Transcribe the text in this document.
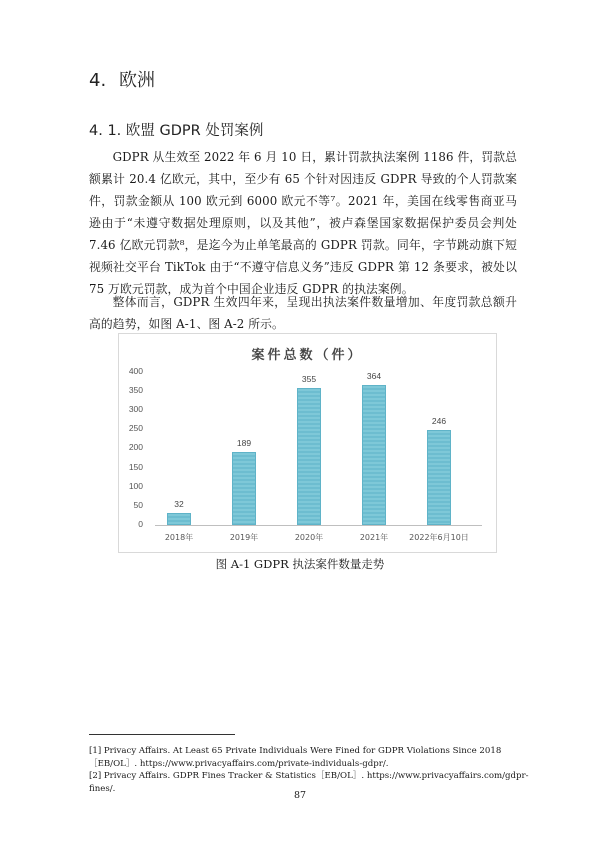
4. 欧洲
4. 1. 欧盟 GDPR 处罚案例

GDPR 从生效至 2022 年 6 月 10 日，累计罚款执法案例 1186 件，罚款总额累计 20.4 亿欧元，其中，至少有 65 个针对因违反 GDPR 导致的个人罚款案件，罚款金额从 100 欧元到 6000 欧元不等⁷。2021 年，美国在线零售商亚马逊由于“未遵守数据处理原则，以及其他”，被卢森堡国家数据保护委员会判处 7.46 亿欧元罚款⁸，是迄今为止单笔最高的 GDPR 罚款。同年，字节跳动旗下短视频社交平台 TikTok 由于“不遵守信息义务”违反 GDPR 第 12 条要求，被处以 75 万欧元罚款，成为首个中国企业违反 GDPR 的执法案例。

整体而言，GDPR 生效四年来，呈现出执法案件数量增加、年度罚款总额升高的趋势，如图 A-1、图 A-2 所示。

案件总数（件）
0
50
100
150
200
250
300
350
400
32
189
355	364
246
2018年	2019年	2020年	2021年	2022年6月10日
图 A-1 GDPR 执法案件数量走势
[1] Privacy Affairs. At Least 65 Private Individuals Were Fined for GDPR Violations Since 2018［EB/OL］. https://www.privacyaffairs.com/private-individuals-gdpr/.
[2] Privacy Affairs. GDPR Fines Tracker & Statistics［EB/OL］. https://www.privacyaffairs.com/gdpr-fines/.
87
